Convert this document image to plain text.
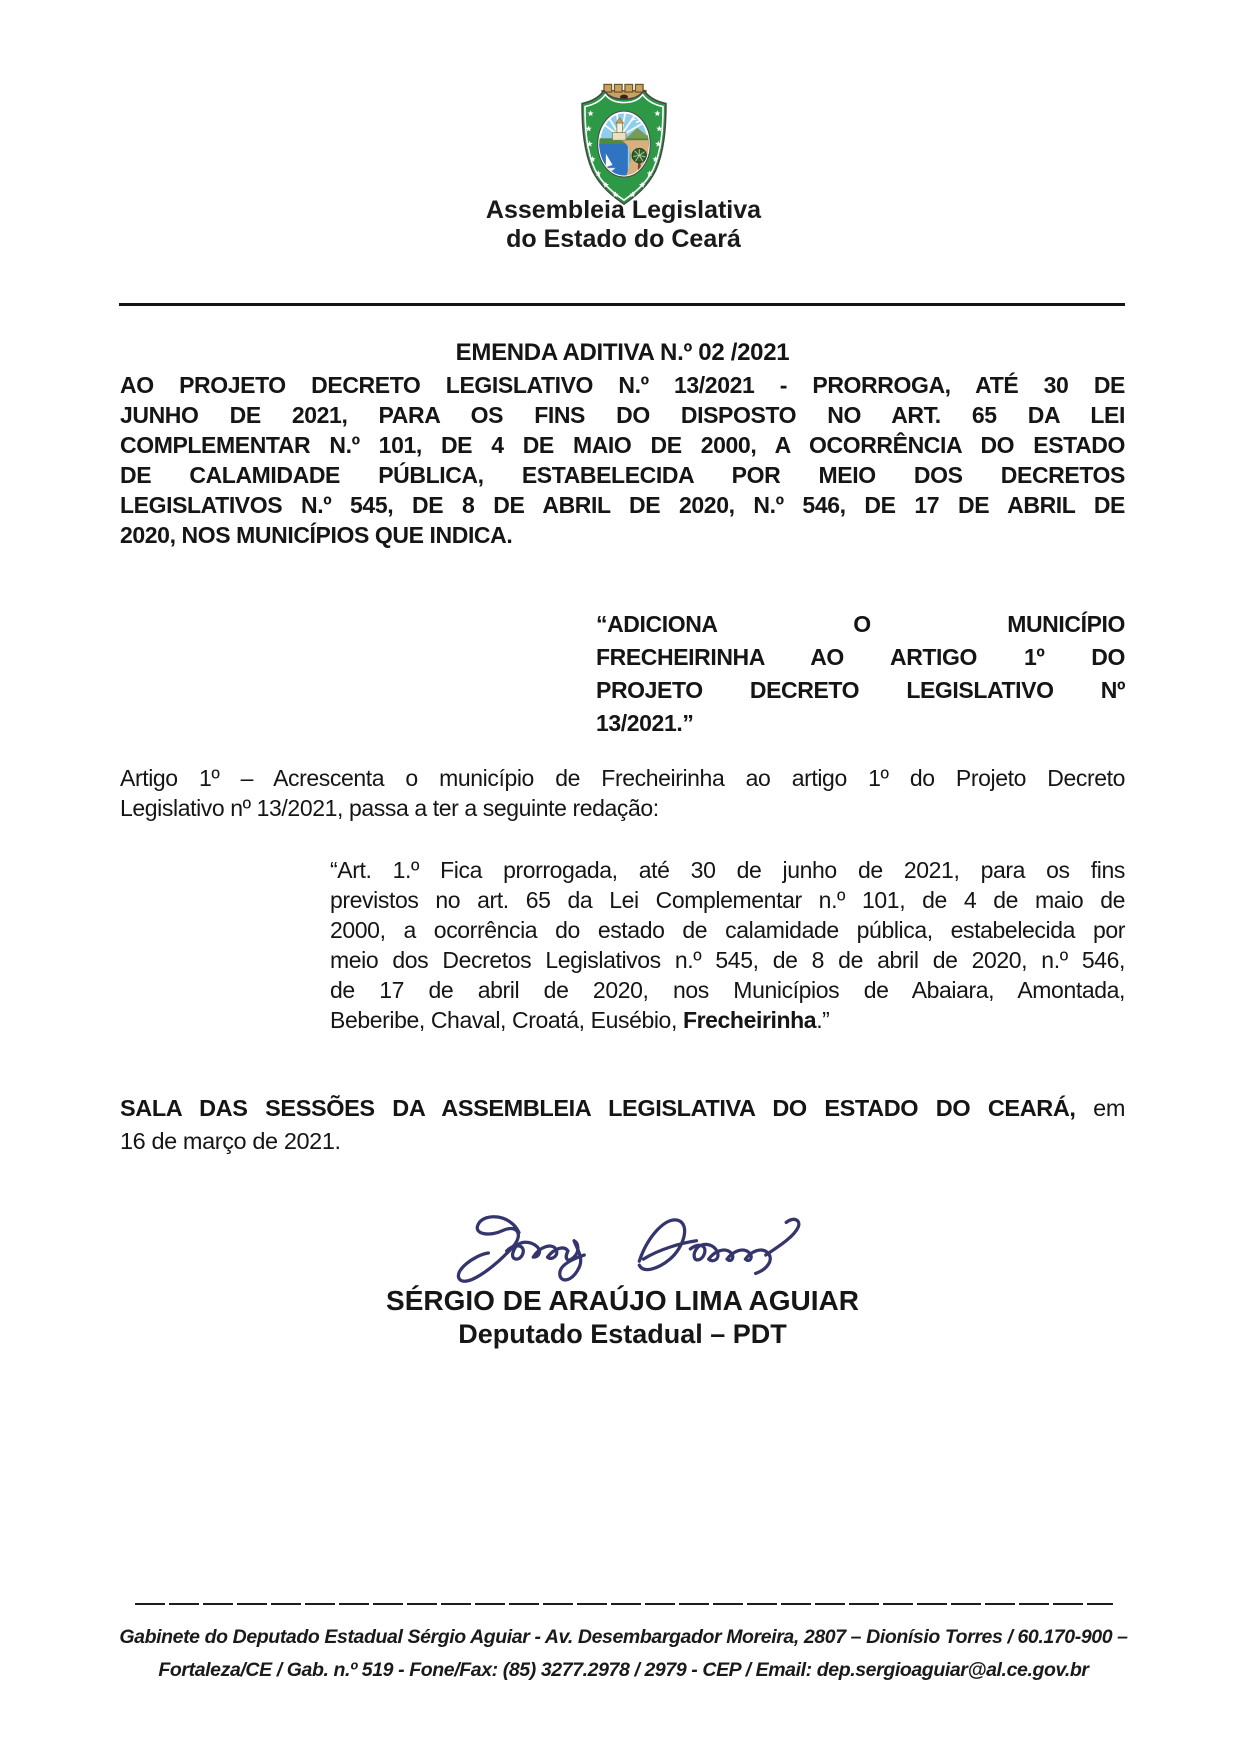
Assembleia Legislativa
do Estado do Ceará
EMENDA ADITIVA N.º 02 /2021
AO PROJETO DECRETO LEGISLATIVO N.º 13/2021 - PRORROGA, ATÉ 30 DE
JUNHO DE 2021, PARA OS FINS DO DISPOSTO NO ART. 65 DA LEI
COMPLEMENTAR N.º 101, DE 4 DE MAIO DE 2000, A OCORRÊNCIA DO ESTADO
DE CALAMIDADE PÚBLICA, ESTABELECIDA POR MEIO DOS DECRETOS
LEGISLATIVOS N.º 545, DE 8 DE ABRIL DE 2020, N.º 546, DE 17 DE ABRIL DE
2020, NOS MUNICÍPIOS QUE INDICA.
“ADICIONA O MUNICÍPIO
FRECHEIRINHA AO ARTIGO 1º DO
PROJETO DECRETO LEGISLATIVO Nº
13/2021.”
Artigo 1º – Acrescenta o município de Frecheirinha ao artigo 1º do Projeto Decreto
Legislativo nº 13/2021, passa a ter a seguinte redação:
“Art. 1.º Fica prorrogada, até 30 de junho de 2021, para os fins
previstos no art. 65 da Lei Complementar n.º 101, de 4 de maio de
2000, a ocorrência do estado de calamidade pública, estabelecida por
meio dos Decretos Legislativos n.º 545, de 8 de abril de 2020, n.º 546,
de 17 de abril de 2020, nos Municípios de Abaiara, Amontada,
Beberibe, Chaval, Croatá, Eusébio, Frecheirinha.”
SALA DAS SESSÕES DA ASSEMBLEIA LEGISLATIVA DO ESTADO DO CEARÁ, em
16 de março de 2021.
SÉRGIO DE ARAÚJO LIMA AGUIAR
Deputado Estadual – PDT
Gabinete do Deputado Estadual Sérgio Aguiar - Av. Desembargador Moreira, 2807 – Dionísio Torres / 60.170-900 –
Fortaleza/CE / Gab. n.º 519 - Fone/Fax: (85) 3277.2978 / 2979 - CEP / Email: dep.sergioaguiar@al.ce.gov.br
